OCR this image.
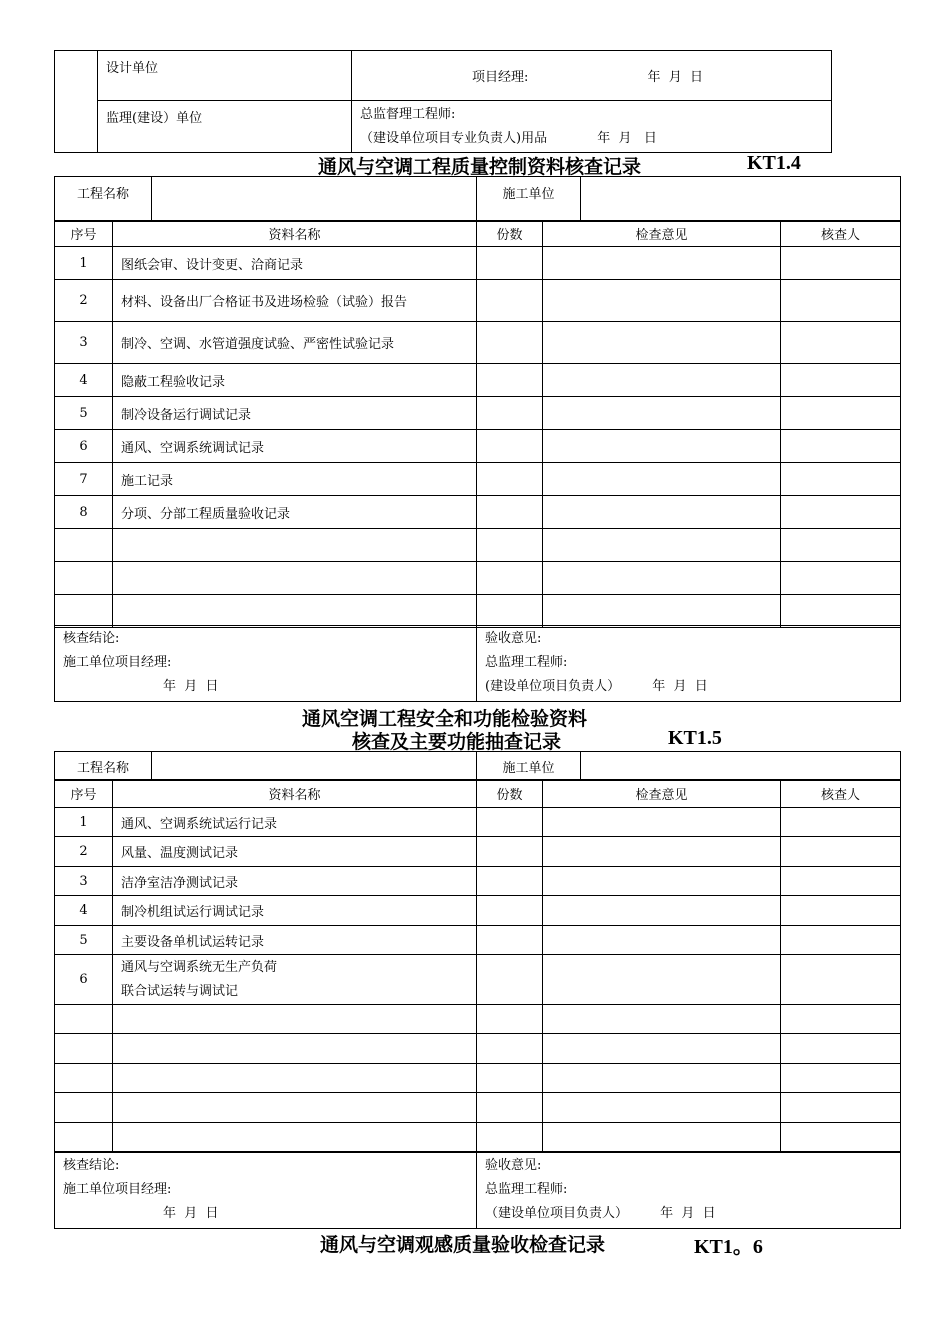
	设计单位	项目经理: 年  月  日
	监理(建设）单位	总监督理工程师:
（建设单位项目专业负责人)用品 年  月   日
通风与空调工程质量控制资料核查记录	KT1.4
工程名称		施工单位	
序号	资料名称	份数	检查意见	核查人
1	图纸会审、设计变更、洽商记录			
2	材料、设备出厂合格证书及进场检验（试验）报告			
3	制冷、空调、水管道强度试验、严密性试验记录			
4	隐蔽工程验收记录			
5	制冷设备运行调试记录			
6	通风、空调系统调试记录			
7	施工记录			
8	分项、分部工程质量验收记录			

核查结论:
施工单位项目经理:
年  月  日

验收意见:
总监理工程师:
(建设单位项目负责人） 年  月  日
通风空调工程安全和功能检验资料
核查及主要功能抽查记录	KT1.5
工程名称		施工单位	
序号	资料名称	份数	检查意见	核查人
1	通风、空调系统试运行记录			
2	风量、温度测试记录			
3	洁净室洁净测试记录			
4	制冷机组试运行调试记录			
5	主要设备单机试运转记录			
6	通风与空调系统无生产负荷
联合试运转与调试记			

核查结论:
施工单位项目经理:
年  月  日

验收意见:
总监理工程师:
（建设单位项目负责人） 年  月  日
通风与空调观感质量验收检查记录	KT1。6
